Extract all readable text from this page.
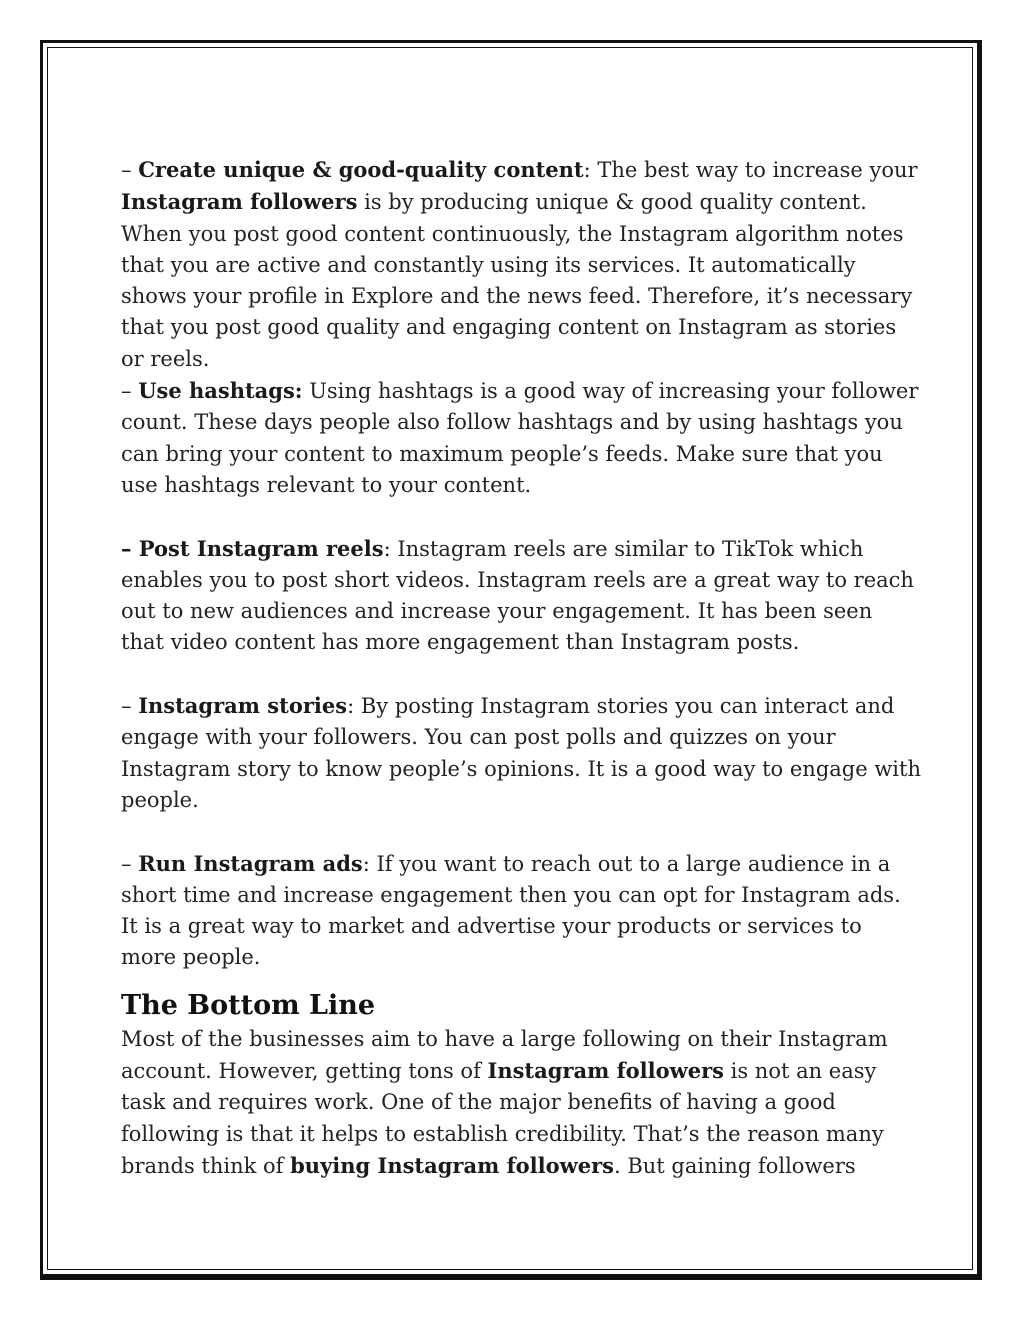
– Create unique & good-quality content: The best way to increase your Instagram followers is by producing unique & good quality content. When you post good content continuously, the Instagram algorithm notes that you are active and constantly using its services. It automatically shows your profile in Explore and the news feed. Therefore, it’s necessary that you post good quality and engaging content on Instagram as stories or reels.

– Use hashtags: Using hashtags is a good way of increasing your follower count. These days people also follow hashtags and by using hashtags you can bring your content to maximum people’s feeds. Make sure that you use hashtags relevant to your content.

– Post Instagram reels: Instagram reels are similar to TikTok which enables you to post short videos. Instagram reels are a great way to reach out to new audiences and increase your engagement. It has been seen that video content has more engagement than Instagram posts.

– Instagram stories: By posting Instagram stories you can interact and engage with your followers. You can post polls and quizzes on your Instagram story to know people’s opinions. It is a good way to engage with people.

– Run Instagram ads: If you want to reach out to a large audience in a short time and increase engagement then you can opt for Instagram ads. It is a great way to market and advertise your products or services to more people.

The Bottom Line

Most of the businesses aim to have a large following on their Instagram account. However, getting tons of Instagram followers is not an easy task and requires work. One of the major benefits of having a good following is that it helps to establish credibility. That’s the reason many brands think of buying Instagram followers. But gaining followers
